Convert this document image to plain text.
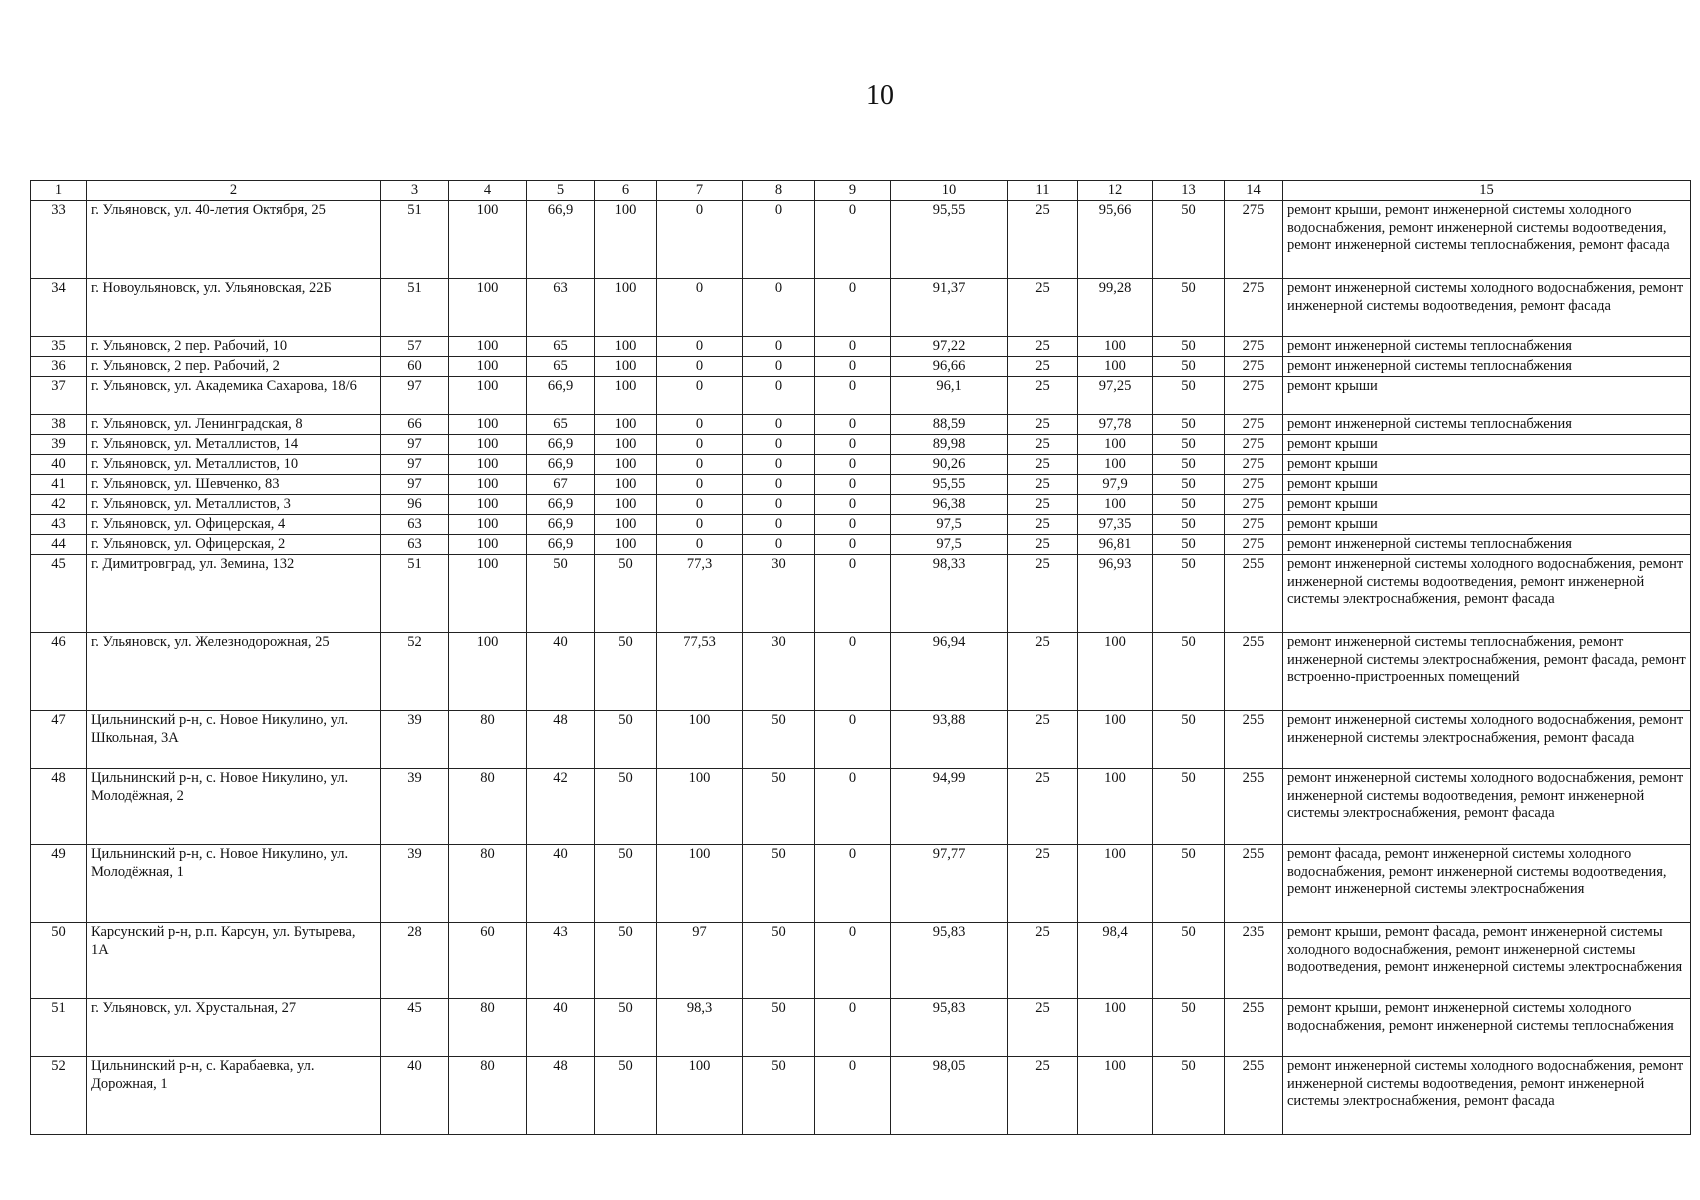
10
1	2	3	4	5	6	7	8	9	10	11	12	13	14	15
33	г. Ульяновск, ул. 40-летия Октября, 25	51	100	66,9	100	0	0	0	95,55	25	95,66	50	275	ремонт крыши, ремонт инженерной системы холодного водоснабжения, ремонт инженерной системы водоотведения, ремонт инженерной системы теплоснабжения, ремонт фасада
34	г. Новоульяновск, ул. Ульяновская, 22Б	51	100	63	100	0	0	0	91,37	25	99,28	50	275	ремонт инженерной системы холодного водоснабжения, ремонт инженерной системы водоотведения, ремонт фасада
35	г. Ульяновск, 2 пер. Рабочий, 10	57	100	65	100	0	0	0	97,22	25	100	50	275	ремонт инженерной системы теплоснабжения
36	г. Ульяновск, 2 пер. Рабочий, 2	60	100	65	100	0	0	0	96,66	25	100	50	275	ремонт инженерной системы теплоснабжения
37	г. Ульяновск, ул. Академика Сахарова, 18/6	97	100	66,9	100	0	0	0	96,1	25	97,25	50	275	ремонт крыши
38	г. Ульяновск, ул. Ленинградская, 8	66	100	65	100	0	0	0	88,59	25	97,78	50	275	ремонт инженерной системы теплоснабжения
39	г. Ульяновск, ул. Металлистов, 14	97	100	66,9	100	0	0	0	89,98	25	100	50	275	ремонт крыши
40	г. Ульяновск, ул. Металлистов, 10	97	100	66,9	100	0	0	0	90,26	25	100	50	275	ремонт крыши
41	г. Ульяновск, ул. Шевченко, 83	97	100	67	100	0	0	0	95,55	25	97,9	50	275	ремонт крыши
42	г. Ульяновск, ул. Металлистов, 3	96	100	66,9	100	0	0	0	96,38	25	100	50	275	ремонт крыши
43	г. Ульяновск, ул. Офицерская, 4	63	100	66,9	100	0	0	0	97,5	25	97,35	50	275	ремонт крыши
44	г. Ульяновск, ул. Офицерская, 2	63	100	66,9	100	0	0	0	97,5	25	96,81	50	275	ремонт инженерной системы теплоснабжения
45	г. Димитровград, ул. Земина, 132	51	100	50	50	77,3	30	0	98,33	25	96,93	50	255	ремонт инженерной системы холодного водоснабжения, ремонт инженерной системы водоотведения, ремонт инженерной системы электроснабжения, ремонт фасада
46	г. Ульяновск, ул. Железнодорожная, 25	52	100	40	50	77,53	30	0	96,94	25	100	50	255	ремонт инженерной системы теплоснабжения, ремонт инженерной системы электроснабжения, ремонт фасада, ремонт встроенно-пристроенных помещений
47	Цильнинский р-н, с. Новое Никулино, ул. Школьная, 3А	39	80	48	50	100	50	0	93,88	25	100	50	255	ремонт инженерной системы холодного водоснабжения, ремонт инженерной системы электроснабжения, ремонт фасада
48	Цильнинский р-н, с. Новое Никулино, ул. Молодёжная, 2	39	80	42	50	100	50	0	94,99	25	100	50	255	ремонт инженерной системы холодного водоснабжения, ремонт инженерной системы водоотведения, ремонт инженерной системы электроснабжения, ремонт фасада
49	Цильнинский р-н, с. Новое Никулино, ул. Молодёжная, 1	39	80	40	50	100	50	0	97,77	25	100	50	255	ремонт фасада, ремонт инженерной системы холодного водоснабжения, ремонт инженерной системы водоотведения, ремонт инженерной системы электроснабжения
50	Карсунский р-н, р.п. Карсун, ул. Бутырева, 1А	28	60	43	50	97	50	0	95,83	25	98,4	50	235	ремонт крыши, ремонт фасада, ремонт инженерной системы холодного водоснабжения, ремонт инженерной системы водоотведения, ремонт инженерной системы электроснабжения
51	г. Ульяновск, ул. Хрустальная, 27	45	80	40	50	98,3	50	0	95,83	25	100	50	255	ремонт крыши, ремонт инженерной системы холодного водоснабжения, ремонт инженерной системы теплоснабжения
52	Цильнинский р-н, с. Карабаевка, ул. Дорожная, 1	40	80	48	50	100	50	0	98,05	25	100	50	255	ремонт инженерной системы холодного водоснабжения, ремонт инженерной системы водоотведения, ремонт инженерной системы электроснабжения, ремонт фасада
